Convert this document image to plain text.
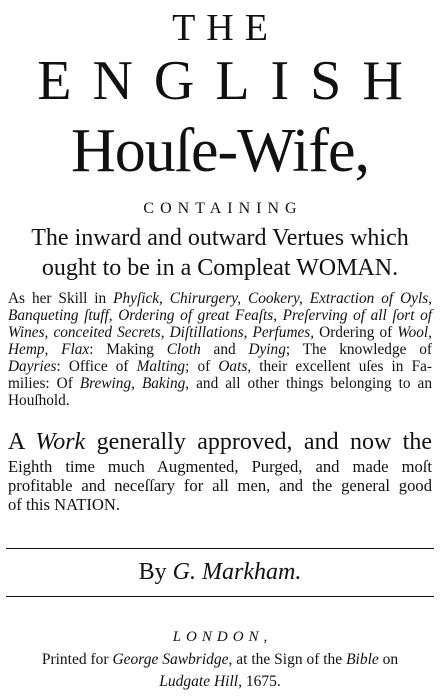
THE
ENGLISH
Houſe-Wife,
CONTAINING
The inward and outward Vertues which
ought to be in a Compleat WOMAN.
As her Skill in Phyſick, Chirurgery, Cookery, Extraction of Oyls,
Banqueting ſtuff, Ordering of great Feaſts, Preſerving of all ſort of
Wines, conceited Secrets, Diſtillations, Perfumes, Ordering of Wool,
Hemp, Flax: Making Cloth and Dying; The knowledge of
Dayries: Office of Malting; of Oats, their excellent uſes in Fa-
milies: Of Brewing, Baking, and all other things belonging to an
Houſhold.
A Work generally approved, and now the
Eighth time much Augmented, Purged, and made moſt
profitable and neceſſary for all men, and the general good
of this NATION.
By G. Markham.
LONDON,
Printed for George Sawbridge, at the Sign of the Bible on
Ludgate Hill, 1675.
